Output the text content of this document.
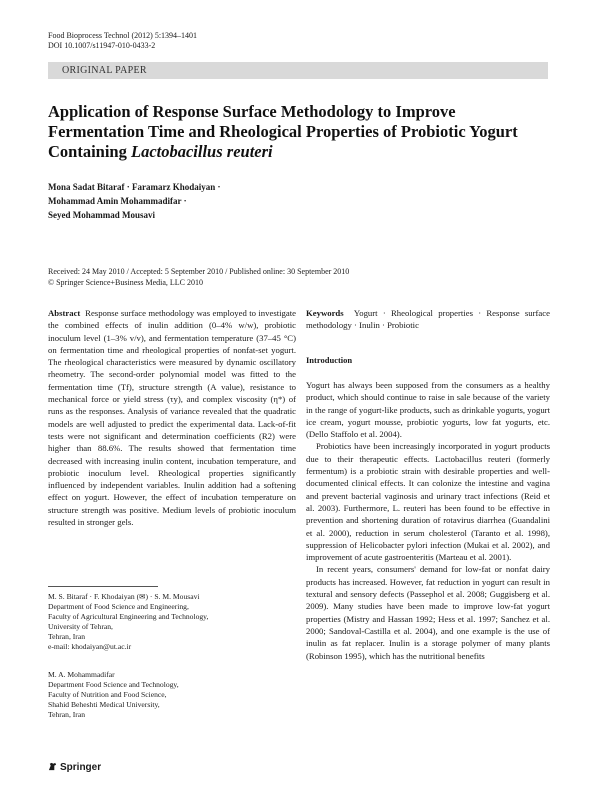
Food Bioprocess Technol (2012) 5:1394–1401
DOI 10.1007/s11947-010-0433-2
ORIGINAL PAPER
Application of Response Surface Methodology to Improve Fermentation Time and Rheological Properties of Probiotic Yogurt Containing Lactobacillus reuteri
Mona Sadat Bitaraf · Faramarz Khodaiyan ·
Mohammad Amin Mohammadifar ·
Seyed Mohammad Mousavi
Received: 24 May 2010 / Accepted: 5 September 2010 / Published online: 30 September 2010
© Springer Science+Business Media, LLC 2010
Abstract Response surface methodology was employed to investigate the combined effects of inulin addition (0–4% w/w), probiotic inoculum level (1–3% v/v), and fermentation temperature (37–45 °C) on fermentation time and rheological properties of nonfat-set yogurt. The rheological characteristics were measured by dynamic oscillatory rheometry. The second-order polynomial model was fitted to the fermentation time (Tf), structure strength (A value), resistance to mechanical force or yield stress (τy), and complex viscosity (η*) of runs as the responses. Analysis of variance revealed that the quadratic models are well adjusted to predict the experimental data. Lack-of-fit tests were not significant and determination coefficients (R2) were higher than 88.6%. The results showed that fermentation time decreased with increasing inulin content, incubation temperature, and probiotic inoculum level. Rheological properties significantly influenced by independent variables. Inulin addition had a softening effect on yogurt. However, the effect of incubation temperature on structure strength was positive. Medium levels of probiotic inoculum resulted in stronger gels.
Keywords Yogurt · Rheological properties · Response surface methodology · Inulin · Probiotic
Introduction

Yogurt has always been supposed from the consumers as a healthy product, which should continue to raise in sale because of the variety in the range of yogurt-like products, such as drinkable yogurts, yogurt ice cream, yogurt mousse, probiotic yogurts, low fat yogurts, etc. (Dello Staffolo et al. 2004).

Probiotics have been increasingly incorporated in yogurt products due to their therapeutic effects. Lactobacillus reuteri (formerly fermentum) is a probiotic strain with desirable properties and well-documented clinical effects. It can colonize the intestine and vagina and prevent bacterial vaginosis and urinary tract infections (Reid et al. 2003). Furthermore, L. reuteri has been found to be effective in prevention and shortening duration of rotavirus diarrhea (Guandalini et al. 2000), reduction in serum cholesterol (Taranto et al. 1998), suppression of Helicobacter pylori infection (Mukai et al. 2002), and improvement of acute gastroenteritis (Marteau et al. 2001).

In recent years, consumers' demand for low-fat or nonfat dairy products has increased. However, fat reduction in yogurt can result in textural and sensory defects (Passephol et al. 2008; Guggisberg et al. 2009). Many studies have been made to improve low-fat yogurt properties (Mistry and Hassan 1992; Hess et al. 1997; Sanchez et al. 2000; Sandoval-Castilla et al. 2004), and one example is the use of inulin as fat replacer. Inulin is a storage polymer of many plants (Robinson 1995), which has the nutritional benefits

M. S. Bitaraf · F. Khodaiyan (✉) · S. M. Mousavi
Department of Food Science and Engineering,
Faculty of Agricultural Engineering and Technology,
University of Tehran,
Tehran, Iran
e-mail: khodaiyan@ut.ac.ir
M. A. Mohammadifar
Department Food Science and Technology,
Faculty of Nutrition and Food Science,
Shahid Beheshti Medical University,
Tehran, Iran
Springer
